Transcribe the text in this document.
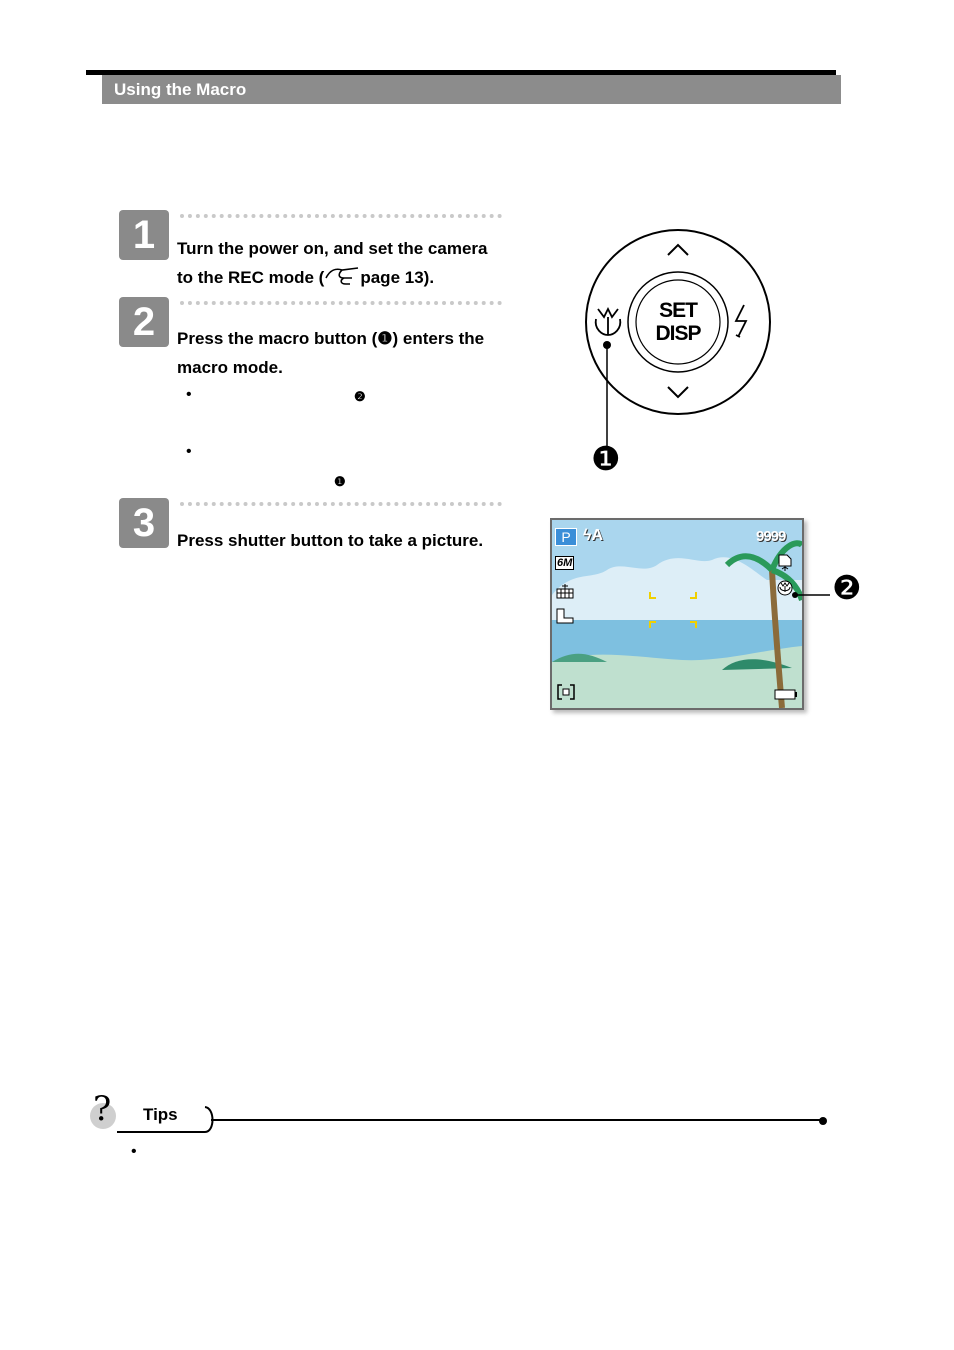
Using the Macro
1	Turn the power on, and set the camera
to the REC mode ( page 13).
2	Press the macro button (❶) enters the
macro mode.
•	❷
•
❶
3	Press shutter button to take a picture.
SET
DISP
❶
P ϟA	9999
6M
❷
? Tips
•
